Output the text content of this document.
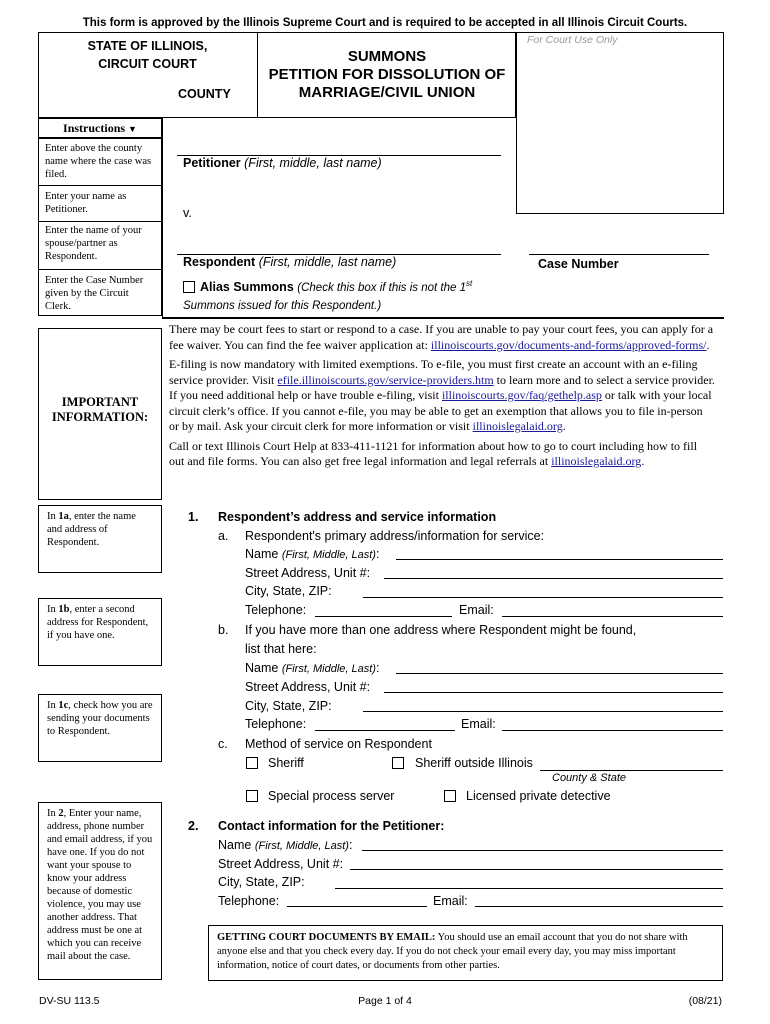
This form is approved by the Illinois Supreme Court and is required to be accepted in all Illinois Circuit Courts.
STATE OF ILLINOIS,
CIRCUIT COURT
COUNTY
SUMMONS
PETITION FOR DISSOLUTION OF
MARRIAGE/CIVIL UNION
For Court Use Only
Instructions ▼
Enter above the county name where the case was filed.
Enter your name as Petitioner.
Enter the name of your spouse/partner as Respondent.
Enter the Case Number given by the Circuit Clerk.
Petitioner (First, middle, last name)
v.
Respondent (First, middle, last name)	Case Number
Alias Summons (Check this box if this is not the 1st
Summons issued for this Respondent.)
IMPORTANT
INFORMATION:

There may be court fees to start or respond to a case. If you are unable to pay your court fees, you can apply for a fee waiver. You can find the fee waiver application at: illinoiscourts.gov/documents-and-forms/approved-forms/.

E-filing is now mandatory with limited exemptions. To e-file, you must first create an account with an e-filing service provider. Visit efile.illinoiscourts.gov/service-providers.htm to learn more and to select a service provider. If you need additional help or have trouble e-filing, visit illinoiscourts.gov/faq/gethelp.asp or talk with your local circuit clerk’s office. If you cannot e-file, you may be able to get an exemption that allows you to file in-person or by mail. Ask your circuit clerk for more information or visit illinoislegalaid.org.

Call or text Illinois Court Help at 833-411-1121 for information about how to go to court including how to fill out and file forms. You can also get free legal information and legal referrals at illinoislegalaid.org.

In 1a, enter the name and address of Respondent.
In 1b, enter a second address for Respondent, if you have one.
In 1c, check how you are sending your documents to Respondent.
In 2, Enter your name, address, phone number and email address, if you have one. If you do not want your spouse to know your address because of domestic violence, you may use another address. That address must be one at which you can receive mail about the case.
1. Respondent’s address and service information
a. Respondent's primary address/information for service:
Name (First, Middle, Last):
Street Address, Unit #:
City, State, ZIP:
Telephone:	Email:
b. If you have more than one address where Respondent might be found,
list that here:
Name (First, Middle, Last):
Street Address, Unit #:
City, State, ZIP:
Telephone:	Email:
c. Method of service on Respondent
Sheriff	Sheriff outside Illinois
County & State
Special process server	Licensed private detective
2. Contact information for the Petitioner:
Name (First, Middle, Last):
Street Address, Unit #:
City, State, ZIP:
Telephone:	Email:
GETTING COURT DOCUMENTS BY EMAIL: You should use an email account that you do not share with anyone else and that you check every day. If you do not check your email every day, you may miss important information, notice of court dates, or documents from other parties.
DV-SU 113.5	Page 1 of 4	(08/21)
